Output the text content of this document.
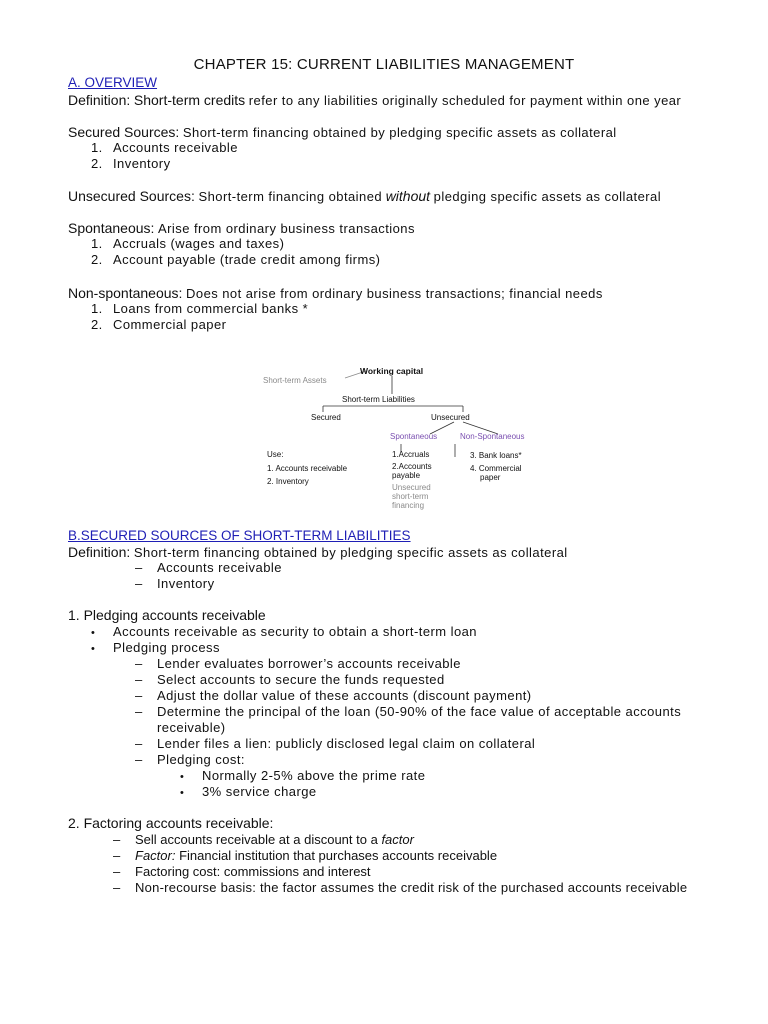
CHAPTER 15: CURRENT LIABILITIES MANAGEMENT
A. OVERVIEW
Definition: Short-term credits refer to any liabilities originally scheduled for payment within one year
Secured Sources: Short-term financing obtained by pledging specific assets as collateral
1. Accounts receivable
2. Inventory
Unsecured Sources: Short-term financing obtained without pledging specific assets as collateral
Spontaneous: Arise from ordinary business transactions
1. Accruals (wages and taxes)
2. Account payable (trade credit among firms)
Non-spontaneous: Does not arise from ordinary business transactions; financial needs
1. Loans from commercial banks *
2. Commercial paper
Working capital
Short-term Assets
Short-term Liabilities
Secured	Unsecured
Spontaneous	Non-Spontaneous
Use:
1. Accounts receivable
2. Inventory
1.Accruals
2.Accounts
payable
Unsecured
short-term
financing
3. Bank loans*
4. Commercial
paper
B.SECURED SOURCES OF SHORT-TERM LIABILITIES
Definition: Short-term financing obtained by pledging specific assets as collateral
– Accounts receivable
– Inventory
1. Pledging accounts receivable
• Accounts receivable as security to obtain a short-term loan
• Pledging process
– Lender evaluates borrower’s accounts receivable
– Select accounts to secure the funds requested
– Adjust the dollar value of these accounts (discount payment)
– Determine the principal of the loan (50-90% of the face value of acceptable accounts
receivable)
– Lender files a lien: publicly disclosed legal claim on collateral
– Pledging cost:
• Normally 2-5% above the prime rate
• 3% service charge
2. Factoring accounts receivable:
– Sell accounts receivable at a discount to a factor
– Factor: Financial institution that purchases accounts receivable
– Factoring cost: commissions and interest
– Non-recourse basis: the factor assumes the credit risk of the purchased accounts receivable
